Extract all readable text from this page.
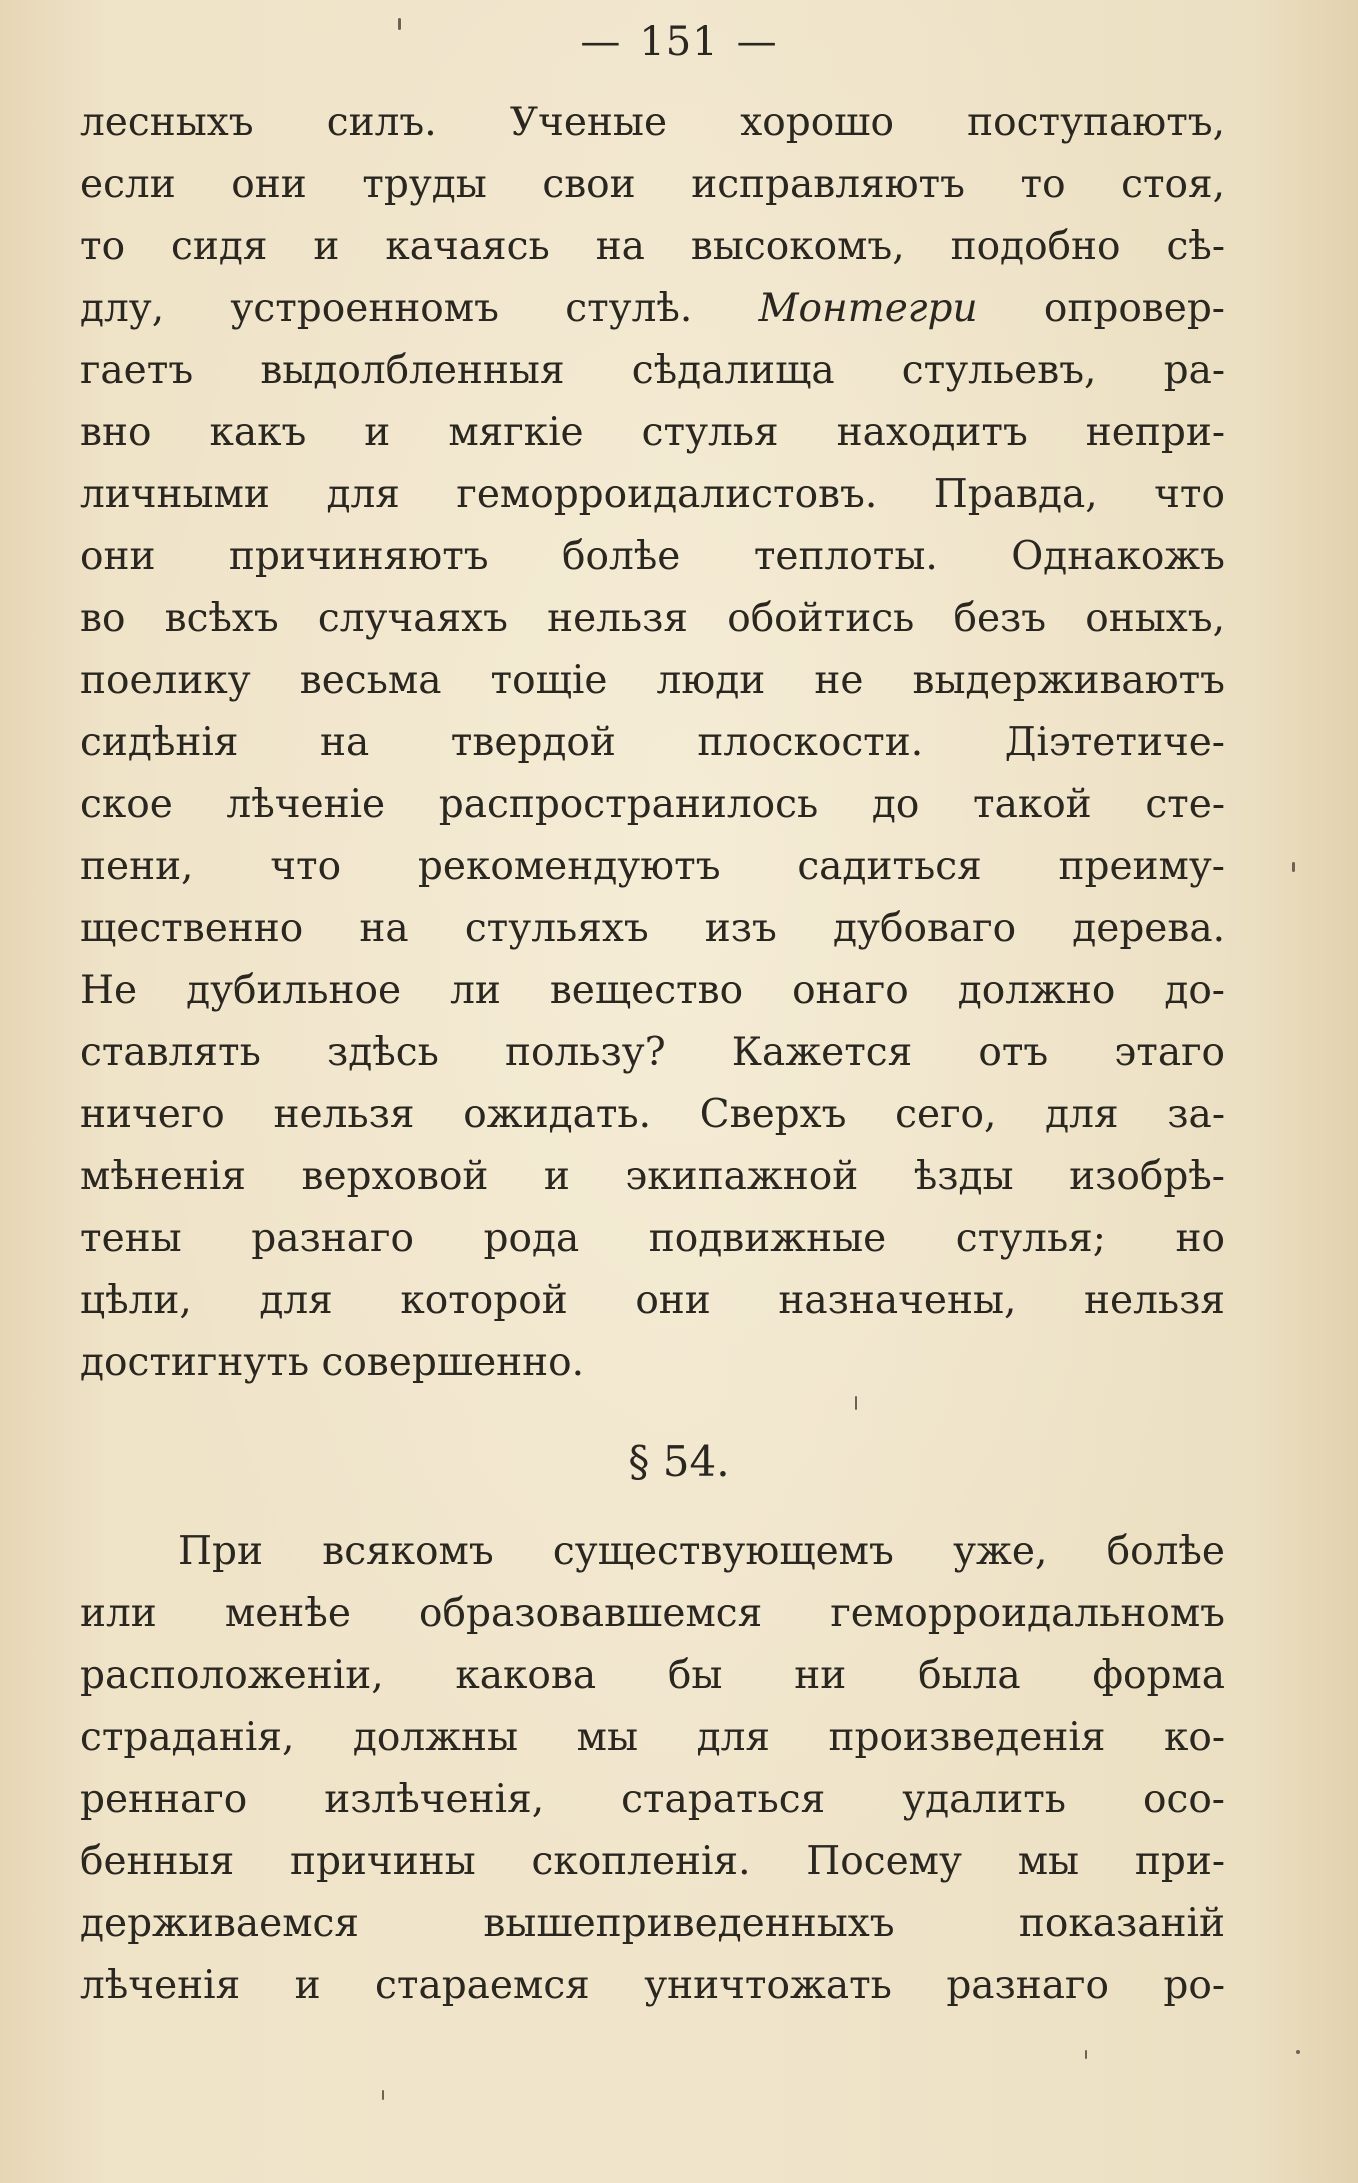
— 151 —
лесныхъ силъ. Ученые хорошо поступаютъ,
если они труды свои исправляютъ то стоя,
то сидя и качаясь на высокомъ, подобно сѣ-
длу, устроенномъ стулѣ. Монтегри опровер-
гаетъ выдолбленныя сѣдалища стульевъ, ра-
вно какъ и мягкіе стулья находитъ непри-
личными для геморроидалистовъ. Правда, что
они причиняютъ болѣе теплоты. Однакожъ
во всѣхъ случаяхъ нельзя обойтись безъ оныхъ,
поелику весьма тощіе люди не выдерживаютъ
сидѣнія на твердой плоскости. Діэтетиче-
ское лѣченіе распространилось до такой сте-
пени, что рекомендуютъ садиться преиму-
щественно на стульяхъ изъ дубоваго дерева.
Не дубильное ли вещество онаго должно до-
ставлять здѣсь пользу? Кажется отъ этаго
ничего нельзя ожидать. Сверхъ сего, для за-
мѣненія верховой и экипажной ѣзды изобрѣ-
тены разнаго рода подвижные стулья; но
цѣли, для которой они назначены, нельзя
достигнуть совершенно.
§ 54.
При всякомъ существующемъ уже, болѣе
или менѣе образовавшемся геморроидальномъ
расположеніи, какова бы ни была форма
страданія, должны мы для произведенія ко-
реннаго излѣченія, стараться удалить осо-
бенныя причины скопленія. Посему мы при-
держиваемся вышеприведенныхъ показаній
лѣченія и стараемся уничтожать разнаго ро-
